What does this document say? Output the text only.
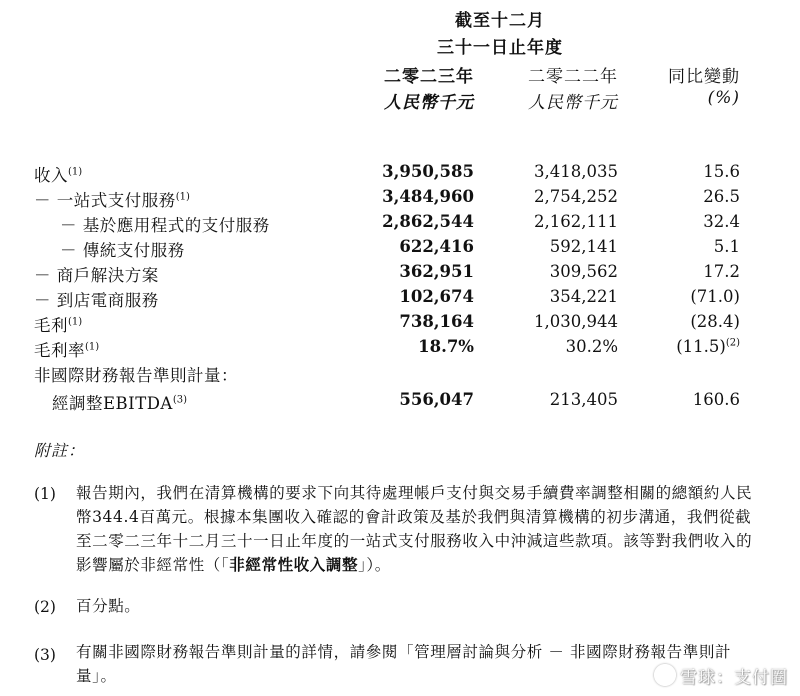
截至十二月
三十一日止年度
二零二三年	二零二二年	同比變動
人民幣千元	人民幣千元	(%)
收入$^{(1)}$	3,950,585	3,418,035	15.6
－ 一站式支付服務$^{(1)}$	3,484,960	2,754,252	26.5
－ 基於應用程式的支付服務	2,862,544	2,162,111	32.4
－ 傳統支付服務	622,416	592,141	5.1
－ 商戶解決方案	362,951	309,562	17.2
－ 到店電商服務	102,674	354,221	(71.0)
毛利$^{(1)}$	738,164	1,030,944	(28.4)
毛利率$^{(1)}$	18.7%	30.2%	(11.5)$^{(2)}$
非國際財務報告準則計量：
經調整EBITDA$^{(3)}$	556,047	213,405	160.6
附註：
(1) 報告期內，我們在清算機構的要求下向其待處理帳戶支付與交易手續費率調整相關的總額約人民幣344.4百萬元。根據本集團收入確認的會計政策及基於我們與清算機構的初步溝通，我們從截至二零二三年十二月三十一日止年度的一站式支付服務收入中沖減這些款項。該等對我們收入的影響屬於非經常性（「非經常性收入調整」）。
(2) 百分點。
(3) 有關非國際財務報告準則計量的詳情，請參閱「管理層討論與分析 － 非國際財務報告準則計量」。	雪球：支付圈
